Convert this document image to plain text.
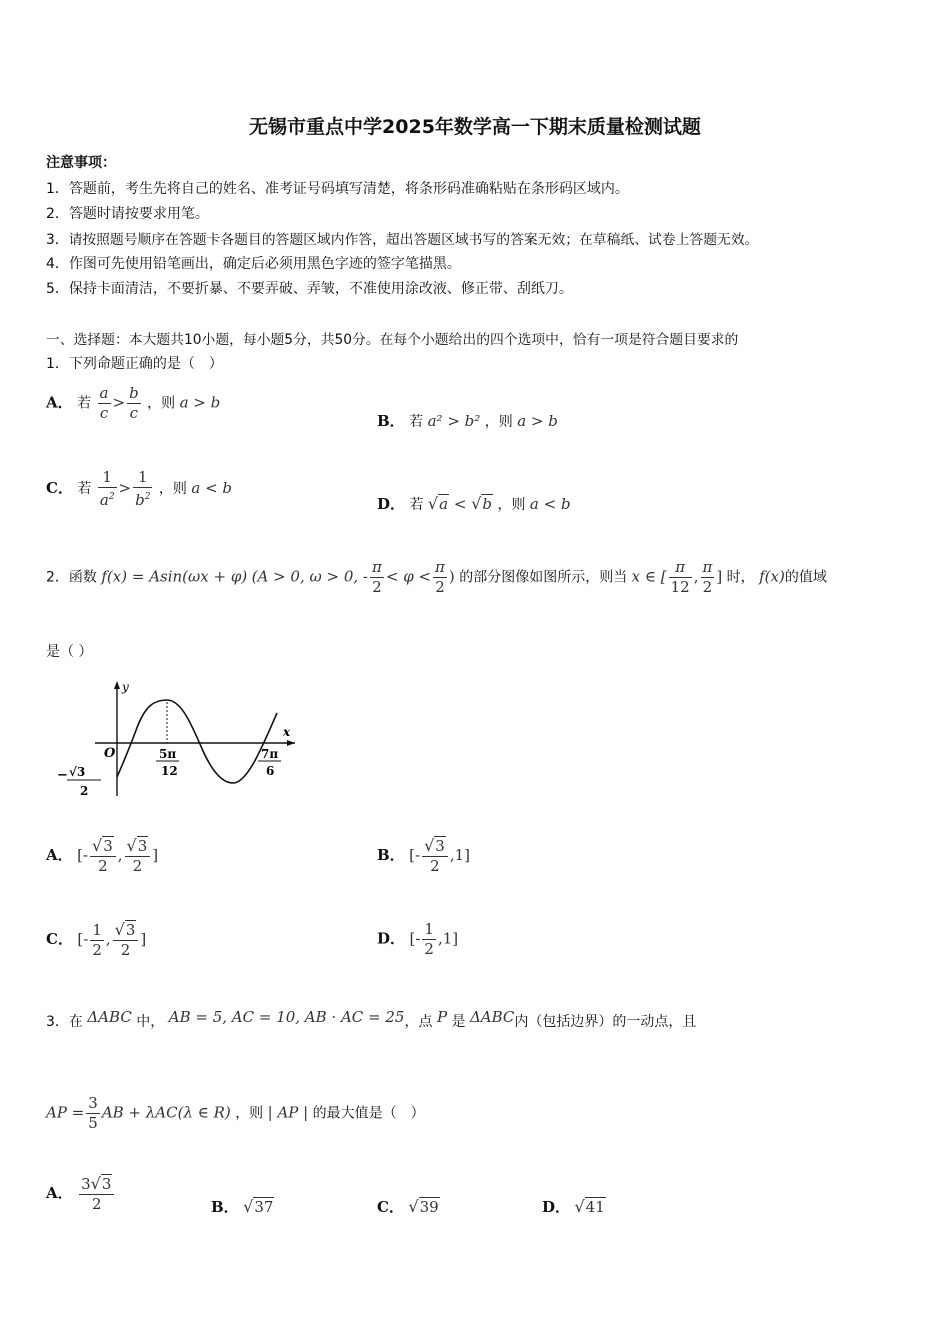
无锡市重点中学2025年数学高一下期末质量检测试题
注意事项：
1．答题前，考生先将自己的姓名、准考证号码填写清楚，将条形码准确粘贴在条形码区域内。
2．答题时请按要求用笔。
3．请按照题号顺序在答题卡各题目的答题区域内作答，超出答题区域书写的答案无效；在草稿纸、试卷上答题无效。
4．作图可先使用铅笔画出，确定后必须用黑色字迹的签字笔描黑。
5．保持卡面清洁，不要折暴、不要弄破、弄皱，不准使用涂改液、修正带、刮纸刀。
一、选择题：本大题共10小题，每小题5分，共50分。在每个小题给出的四个选项中，恰有一项是符合题目要求的
1．下列命题正确的是（　）
A． 若 $\frac{a}{c} > \frac{b}{c}$ ，则 a > b
B． 若 a² > b² ，则 a > b
C． 若 $\frac{1}{a^2} > \frac{1}{b^2}$ ，则 a < b
D． 若 √a < √b ，则 a < b
2．函数 f(x) = Asin(ωx + φ) (A > 0, ω > 0, - $\frac{\pi}{2} < \varphi < \frac{\pi}{2}$ ) 的部分图像如图所示，则当 x ∈ [ $\frac{\pi}{12}$ , $\frac{\pi}{2}$ ] 时， f(x)的值域
是（ ）
y
x
O	5π
12
7π
6
− √3
2
A． [- $\frac{√3}{2}$ , $\frac{√3}{2}$ ]	B． [- $\frac{√3}{2} ,1$]
C． [- $\frac{1}{2}$ , $\frac{√3}{2}$ ]	D． [- $\frac{1}{2} ,1$]
3．在 ΔABC 中， AB = 5, AC = 10, AB · AC = 25，点 P 是 ΔABC内（包括边界）的一动点，且
AP = $\frac{3}{5}$ AB + λAC(λ ∈ R) ，则 | AP | 的最大值是（　）
A． $\frac{3√3}{2}$	B． √37	C． √39	D． √41
